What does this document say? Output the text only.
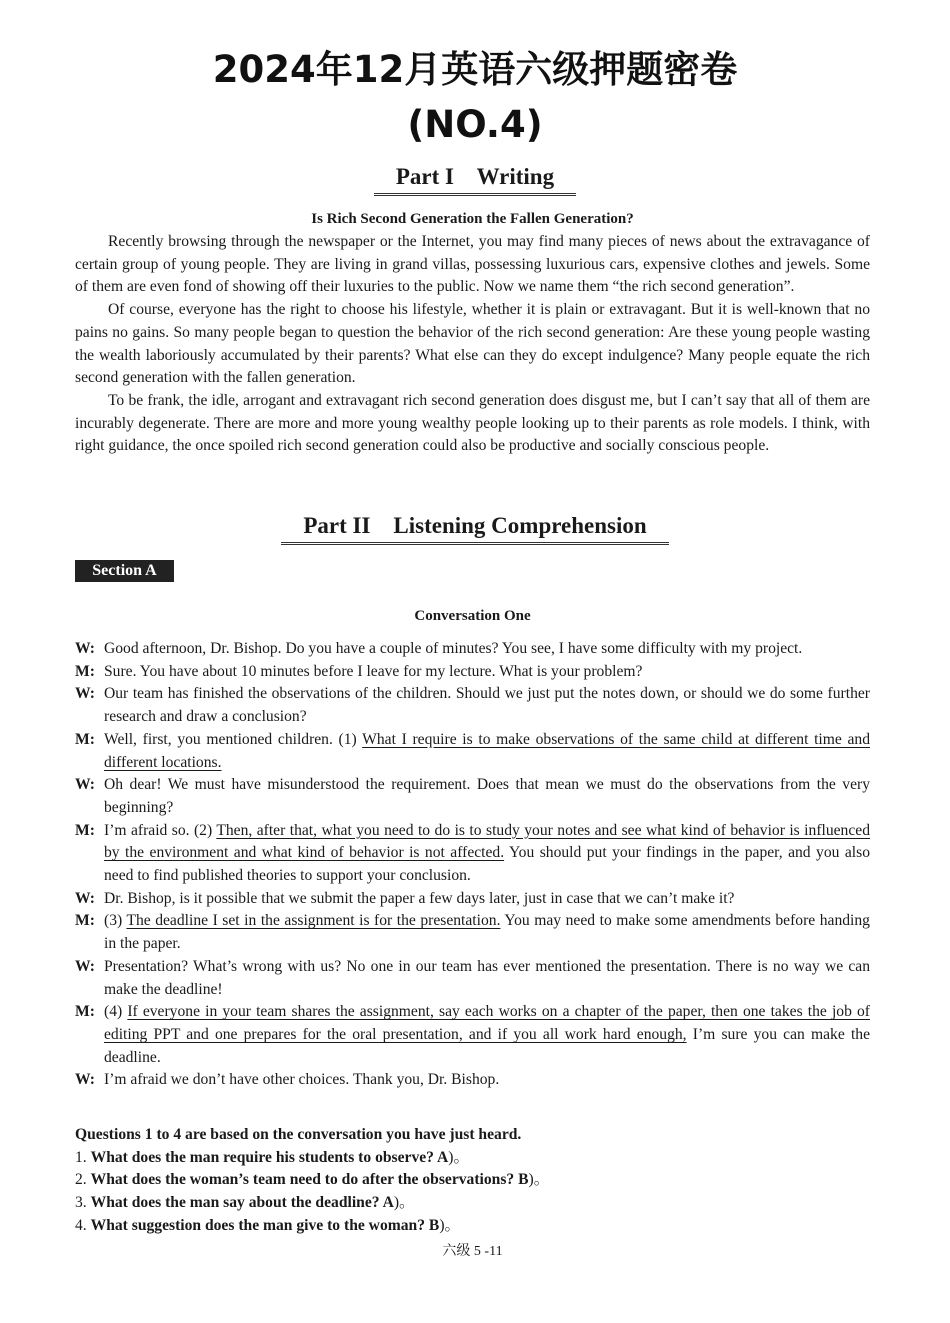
2024年12月英语六级押题密卷
(NO.4)
Part I    Writing
Is Rich Second Generation the Fallen Generation?

Recently browsing through the newspaper or the Internet, you may find many pieces of news about the extravagance of certain group of young people. They are living in grand villas, possessing luxurious cars, expensive clothes and jewels. Some of them are even fond of showing off their luxuries to the public. Now we name them “the rich second generation”.

Of course, everyone has the right to choose his lifestyle, whether it is plain or extravagant. But it is well-known that no pains no gains. So many people began to question the behavior of the rich second generation: Are these young people wasting the wealth laboriously accumulated by their parents? What else can they do except indulgence? Many people equate the rich second generation with the fallen generation.

To be frank, the idle, arrogant and extravagant rich second generation does disgust me, but I can’t say that all of them are incurably degenerate. There are more and more young wealthy people looking up to their parents as role models. I think, with right guidance, the once spoiled rich second generation could also be productive and socially conscious people.

Part II    Listening Comprehension
Section A
Conversation One
W: Good afternoon, Dr. Bishop. Do you have a couple of minutes? You see, I have some difficulty with my project.
M: Sure. You have about 10 minutes before I leave for my lecture. What is your problem?
W: Our team has finished the observations of the children. Should we just put the notes down, or should we do some further research and draw a conclusion?
M: Well, first, you mentioned children. (1) What I require is to make observations of the same child at different time and different locations.
W: Oh dear! We must have misunderstood the requirement. Does that mean we must do the observations from the very beginning?
M: I’m afraid so. (2) Then, after that, what you need to do is to study your notes and see what kind of behavior is influenced by the environment and what kind of behavior is not affected. You should put your findings in the paper, and you also need to find published theories to support your conclusion.
W: Dr. Bishop, is it possible that we submit the paper a few days later, just in case that we can’t make it?
M: (3) The deadline I set in the assignment is for the presentation. You may need to make some amendments before handing in the paper.
W: Presentation? What’s wrong with us? No one in our team has ever mentioned the presentation. There is no way we can make the deadline!
M: (4) If everyone in your team shares the assignment, say each works on a chapter of the paper, then one takes the job of editing PPT and one prepares for the oral presentation, and if you all work hard enough, I’m sure you can make the deadline.
W: I’m afraid we don’t have other choices. Thank you, Dr. Bishop.
Questions 1 to 4 are based on the conversation you have just heard.
1. What does the man require his students to observe? A)。
2. What does the woman’s team need to do after the observations? B)。
3. What does the man say about the deadline? A)。
4. What suggestion does the man give to the woman? B)。
六级 5 -11
